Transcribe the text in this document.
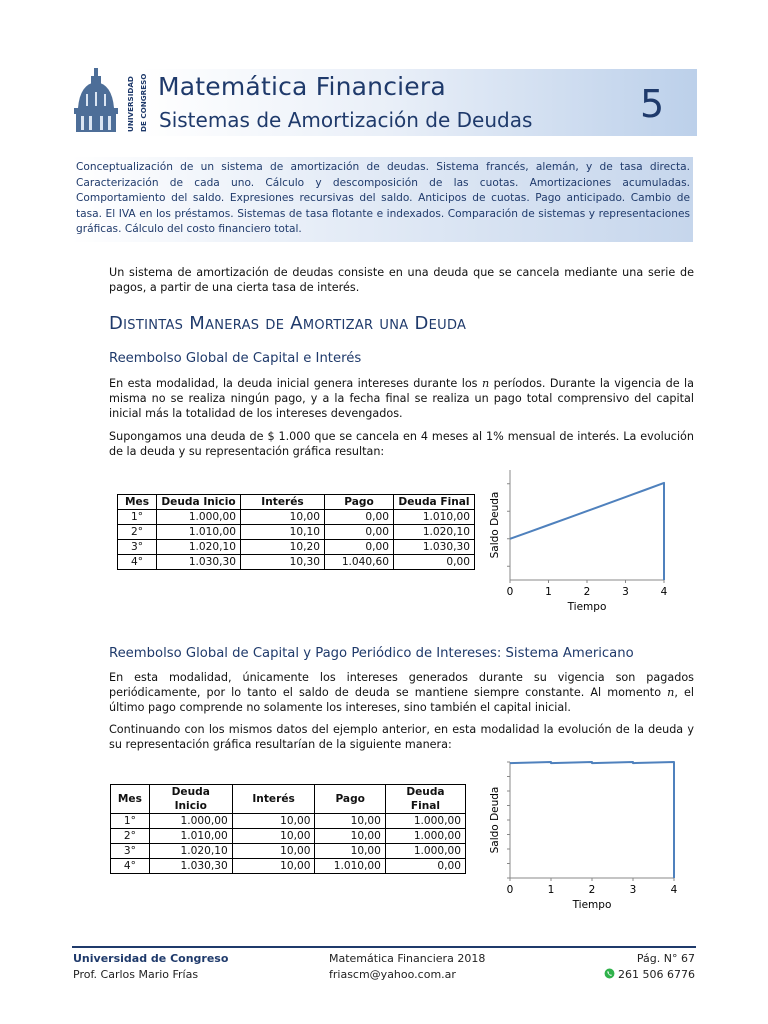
UNIVERSIDAD DE CONGRESO Matemática Financiera
Sistemas de Amortización de Deudas	5
Conceptualización de un sistema de amortización de deudas. Sistema francés, alemán, y de tasa directa. Caracterización de cada uno. Cálculo y descomposición de las cuotas. Amortizaciones acumuladas. Comportamiento del saldo. Expresiones recursivas del saldo. Anticipos de cuotas. Pago anticipado. Cambio de tasa. El IVA en los préstamos. Sistemas de tasa flotante e indexados. Comparación de sistemas y representaciones gráficas. Cálculo del costo financiero total.
Un sistema de amortización de deudas consiste en una deuda que se cancela mediante una serie de pagos, a partir de una cierta tasa de interés.
Distintas Maneras de Amortizar una Deuda
Reembolso Global de Capital e Interés
En esta modalidad, la deuda inicial genera intereses durante los n períodos. Durante la vigencia de la misma no se realiza ningún pago, y a la fecha final se realiza un pago total comprensivo del capital inicial más la totalidad de los intereses devengados.
Supongamos una deuda de $ 1.000 que se cancela en 4 meses al 1% mensual de interés. La evolución de la deuda y su representación gráfica resultan:
Mes	Deuda Inicio	Interés	Pago	Deuda Final
1°	1.000,00	10,00	0,00	1.010,00
2°	1.010,00	10,10	0,00	1.020,10
3°	1.020,10	10,20	0,00	1.030,30
4°	1.030,30	10,30	1.040,60	0,00
0	1	2	3	4
Tiempo
Saldo Deuda
Reembolso Global de Capital y Pago Periódico de Intereses: Sistema Americano
En esta modalidad, únicamente los intereses generados durante su vigencia son pagados periódicamente, por lo tanto el saldo de deuda se mantiene siempre constante. Al momento n, el último pago comprende no solamente los intereses, sino también el capital inicial.
Continuando con los mismos datos del ejemplo anterior, en esta modalidad la evolución de la deuda y su representación gráfica resultarían de la siguiente manera:
Mes	Deuda Inicio	Interés	Pago	Deuda Final
1°	1.000,00	10,00	10,00	1.000,00
2°	1.010,00	10,00	10,00	1.000,00
3°	1.020,10	10,00	10,00	1.000,00
4°	1.030,30	10,00	1.010,00	0,00
0	1	2	3	4
Tiempo
Saldo Deuda
Universidad de Congreso
Prof. Carlos Mario Frías
Matemática Financiera 2018
friascm@yahoo.com.ar
Pág. N° 67
261 506 6776
